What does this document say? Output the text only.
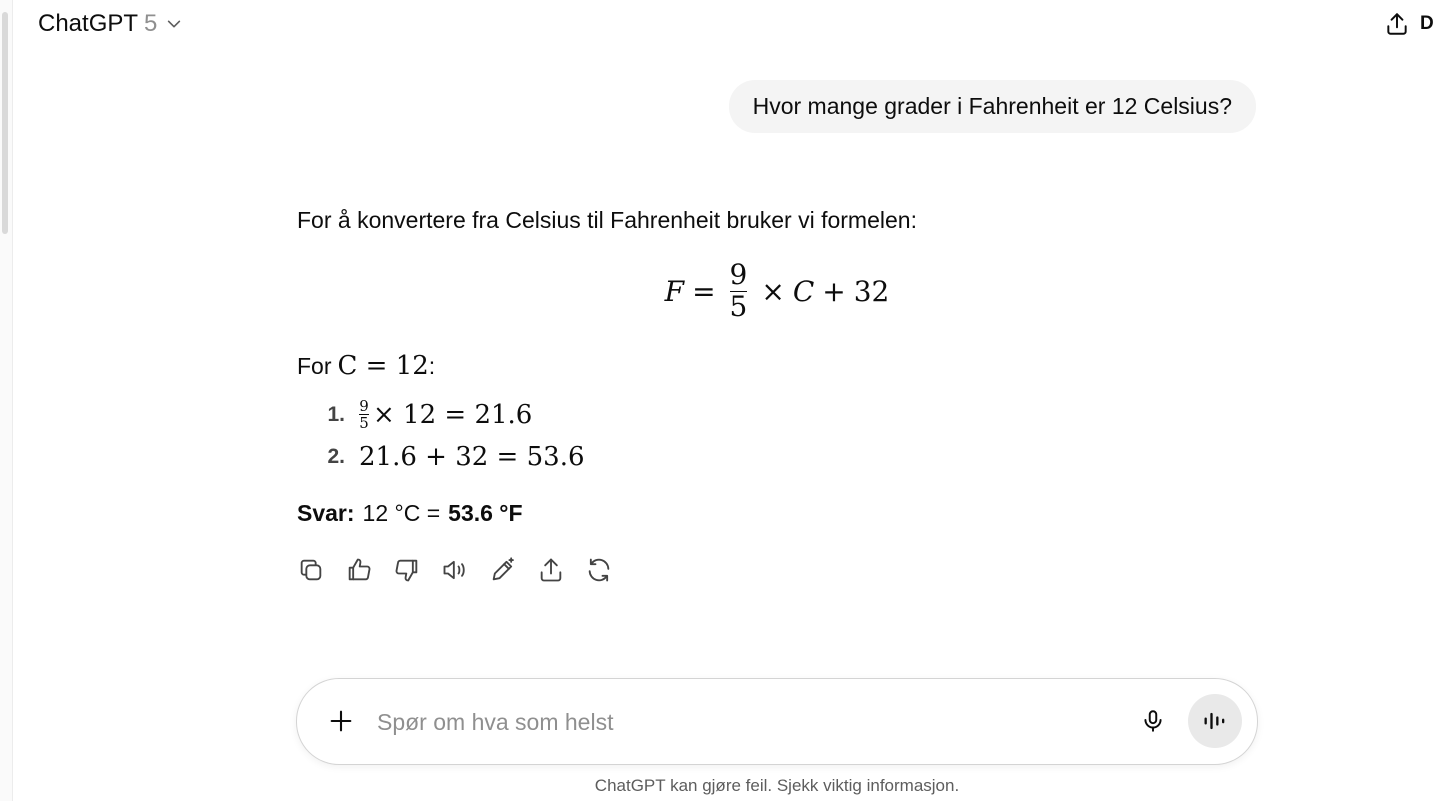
ChatGPT 5	D
Hvor mange grader i Fahrenheit er 12 Celsius?
For å konvertere fra Celsius til Fahrenheit bruker vi formelen:
$F = \frac{9}{5} \times C + 32$
For C = 12 :
1. $\frac{9}{5} \times 12 = 21.6$
2. 21.6 + 32 = 53.6
Svar: 12 °C = 53.6 °F
Spør om hva som helst
ChatGPT kan gjøre feil. Sjekk viktig informasjon.
